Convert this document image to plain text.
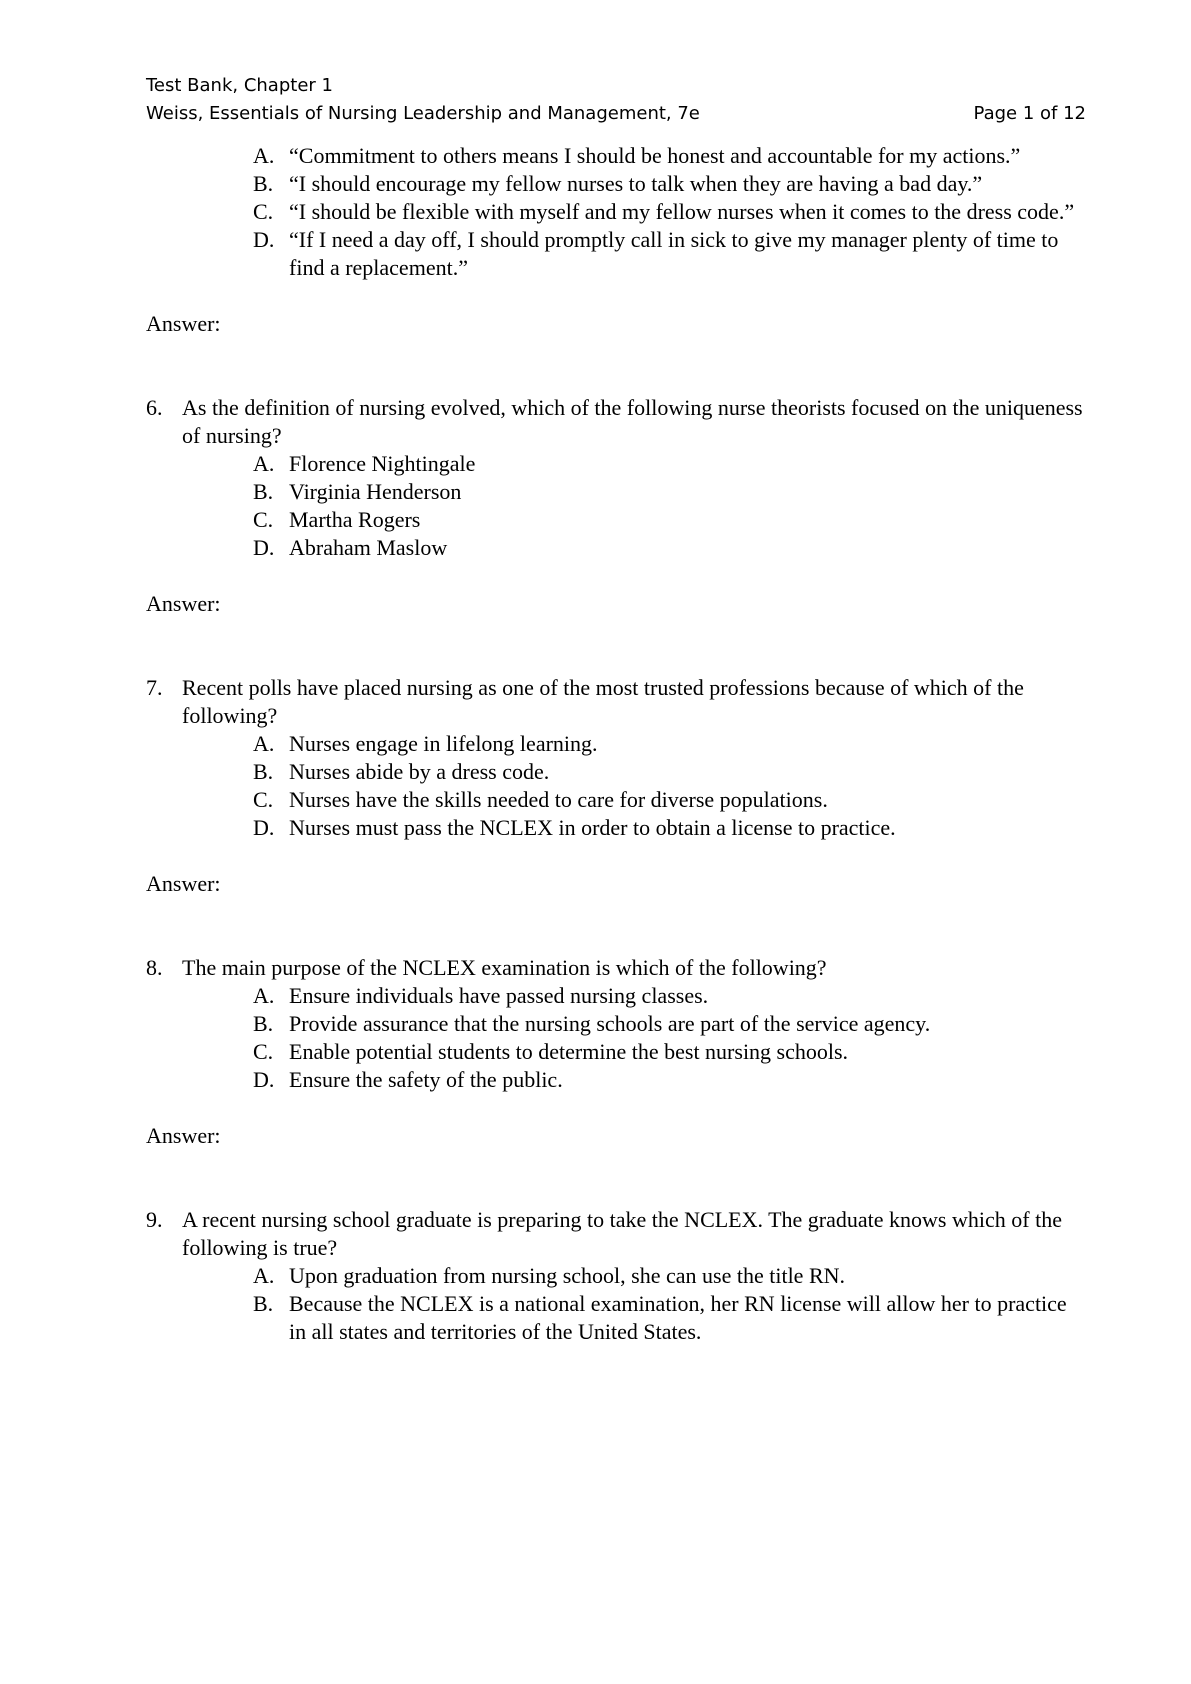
Test Bank, Chapter 1
Weiss, Essentials of Nursing Leadership and Management, 7e	Page 1 of 12
A. “Commitment to others means I should be honest and accountable for my actions.”
B. “I should encourage my fellow nurses to talk when they are having a bad day.”
C. “I should be flexible with myself and my fellow nurses when it comes to the dress code.”
D. “If I need a day off, I should promptly call in sick to give my manager plenty of time to find a replacement.”
Answer:
6. As the definition of nursing evolved, which of the following nurse theorists focused on the uniqueness of nursing?
A. Florence Nightingale
B. Virginia Henderson
C. Martha Rogers
D. Abraham Maslow
Answer:
7. Recent polls have placed nursing as one of the most trusted professions because of which of the following?
A. Nurses engage in lifelong learning.
B. Nurses abide by a dress code.
C. Nurses have the skills needed to care for diverse populations.
D. Nurses must pass the NCLEX in order to obtain a license to practice.
Answer:
8. The main purpose of the NCLEX examination is which of the following?
A. Ensure individuals have passed nursing classes.
B. Provide assurance that the nursing schools are part of the service agency.
C. Enable potential students to determine the best nursing schools.
D. Ensure the safety of the public.
Answer:
9. A recent nursing school graduate is preparing to take the NCLEX. The graduate knows which of the following is true?
A. Upon graduation from nursing school, she can use the title RN.
B. Because the NCLEX is a national examination, her RN license will allow her to practice in all states and territories of the United States.
